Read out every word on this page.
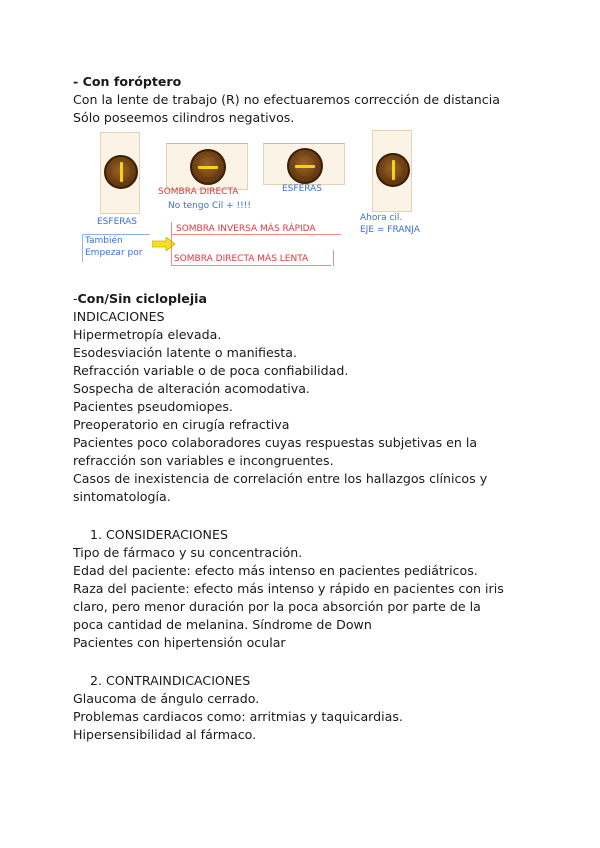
- Con foróptero
Con la lente de trabajo (R) no efectuaremos corrección de distancia
Sólo poseemos cilindros negativos.
ESFERAS
También
Empezar por
SOMBRA DIRECTA
No tengo Cil + !!!!
ESFERAS
Ahora cil.
EJE = FRANJA
SOMBRA INVERSA MÁS RÁPIDA
SOMBRA DIRECTA MÁS LENTA
-Con/Sin cicloplejia
INDICACIONES
Hipermetropía elevada.
Esodesviación latente o manifiesta.
Refracción variable o de poca confiabilidad.
Sospecha de alteración acomodativa.
Pacientes pseudomiopes.
Preoperatorio en cirugía refractiva
Pacientes poco colaboradores cuyas respuestas subjetivas en la
refracción son variables e incongruentes.
Casos de inexistencia de correlación entre los hallazgos clínicos y
sintomatología.
1. CONSIDERACIONES
Tipo de fármaco y su concentración.
Edad del paciente: efecto más intenso en pacientes pediátricos.
Raza del paciente: efecto más intenso y rápido en pacientes con iris
claro, pero menor duración por la poca absorción por parte de la
poca cantidad de melanina. Síndrome de Down
Pacientes con hipertensión ocular
2. CONTRAINDICACIONES
Glaucoma de ángulo cerrado.
Problemas cardiacos como: arritmias y taquicardias.
Hipersensibilidad al fármaco.
